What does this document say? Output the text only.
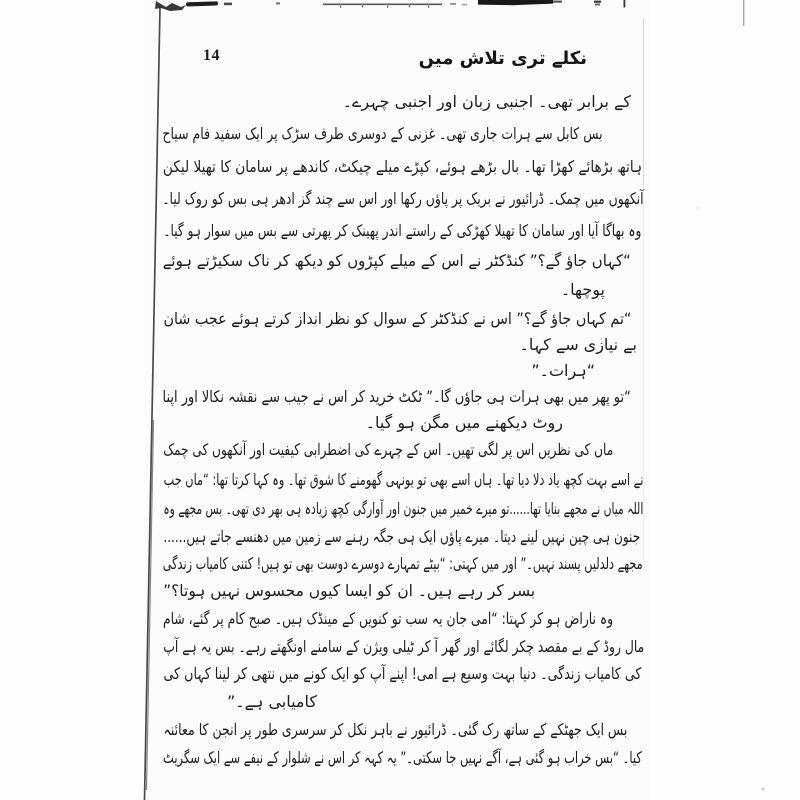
14	نکلے تری تلاش میں
کے برابر تھی۔ اجنبی زبان اور اجنبی چہرے۔
بس کابل سے ہرات جاری تھی۔ غزنی کے دوسری طرف سڑک پر ایک سفید فام سیاح
ہاتھ بڑھائے کھڑا تھا۔ بال بڑھے ہوئے، کپڑے میلے چیکٹ، کاندھے پر سامان کا تھیلا لیکن
آنکھوں میں چمک۔ ڈرائیور نے بریک پر پاؤں رکھا اور اس سے چند گز ادھر ہی بس کو روک لیا۔
وہ بھاگا آیا اور سامان کا تھیلا کھڑکی کے راستے اندر پھینک کر پھرتی سے بس میں سوار ہو گیا۔
“کہاں جاؤ گے؟” کنڈکٹر نے اس کے میلے کپڑوں کو دیکھ کر ناک سکیڑتے ہوئے
پوچھا۔
“تم کہاں جاؤ گے؟” اس نے کنڈکٹر کے سوال کو نظر انداز کرتے ہوئے عجب شان
بے نیازی سے کہا۔
“ہرات۔”
“تو پھر میں بھی ہرات ہی جاؤں گا۔” ٹکٹ خرید کر اس نے جیب سے نقشہ نکالا اور اپنا
روٹ دیکھنے میں مگن ہو گیا۔
ماں کی نظریں اس پر لگی تھیں۔ اس کے چہرے کی اضطرابی کیفیت اور آنکھوں کی چمک
نے اسے بہت کچھ یاد دلا دیا تھا۔ ہاں اسے بھی تو یونہی گھومنے کا شوق تھا۔ وہ کہا کرتا تھا: “ماں جب
اللہ میاں نے مجھے بنایا تھا......تو میرے خمیر میں جنون اور آوارگی کچھ زیادہ ہی بھر دی تھی۔ بس مجھے وہ
جنون ہی چین نہیں لینے دیتا۔ میرے پاؤں ایک ہی جگہ رہنے سے زمین میں دھنسے جاتے ہیں......
مجھے دلدلیں پسند نہیں۔” اور میں کہتی: “بیٹے تمہارے دوسرے دوست بھی تو ہیں! کتنی کامیاب زندگی
بسر کر رہے ہیں۔ ان کو ایسا کیوں محسوس نہیں ہوتا؟”
وہ ناراض ہو کر کہتا: “امی جان یہ سب تو کنویں کے مینڈک ہیں۔ صبح کام پر گئے، شام
مال روڈ کے بے مقصد چکر لگائے اور گھر آ کر ٹیلی ویژن کے سامنے اونگھتے رہے۔ بس یہ ہے آپ
کی کامیاب زندگی۔ دنیا بہت وسیع ہے امی! اپنے آپ کو ایک کونے میں نتھی کر لینا کہاں کی
کامیابی ہے۔”
بس ایک جھٹکے کے ساتھ رک گئی۔ ڈرائیور نے باہر نکل کر سرسری طور پر انجن کا معائنہ
کیا۔ “بس خراب ہو گئی ہے، آگے نہیں جا سکتی۔” یہ کہہ کر اس نے شلوار کے نیفے سے ایک سگریٹ
